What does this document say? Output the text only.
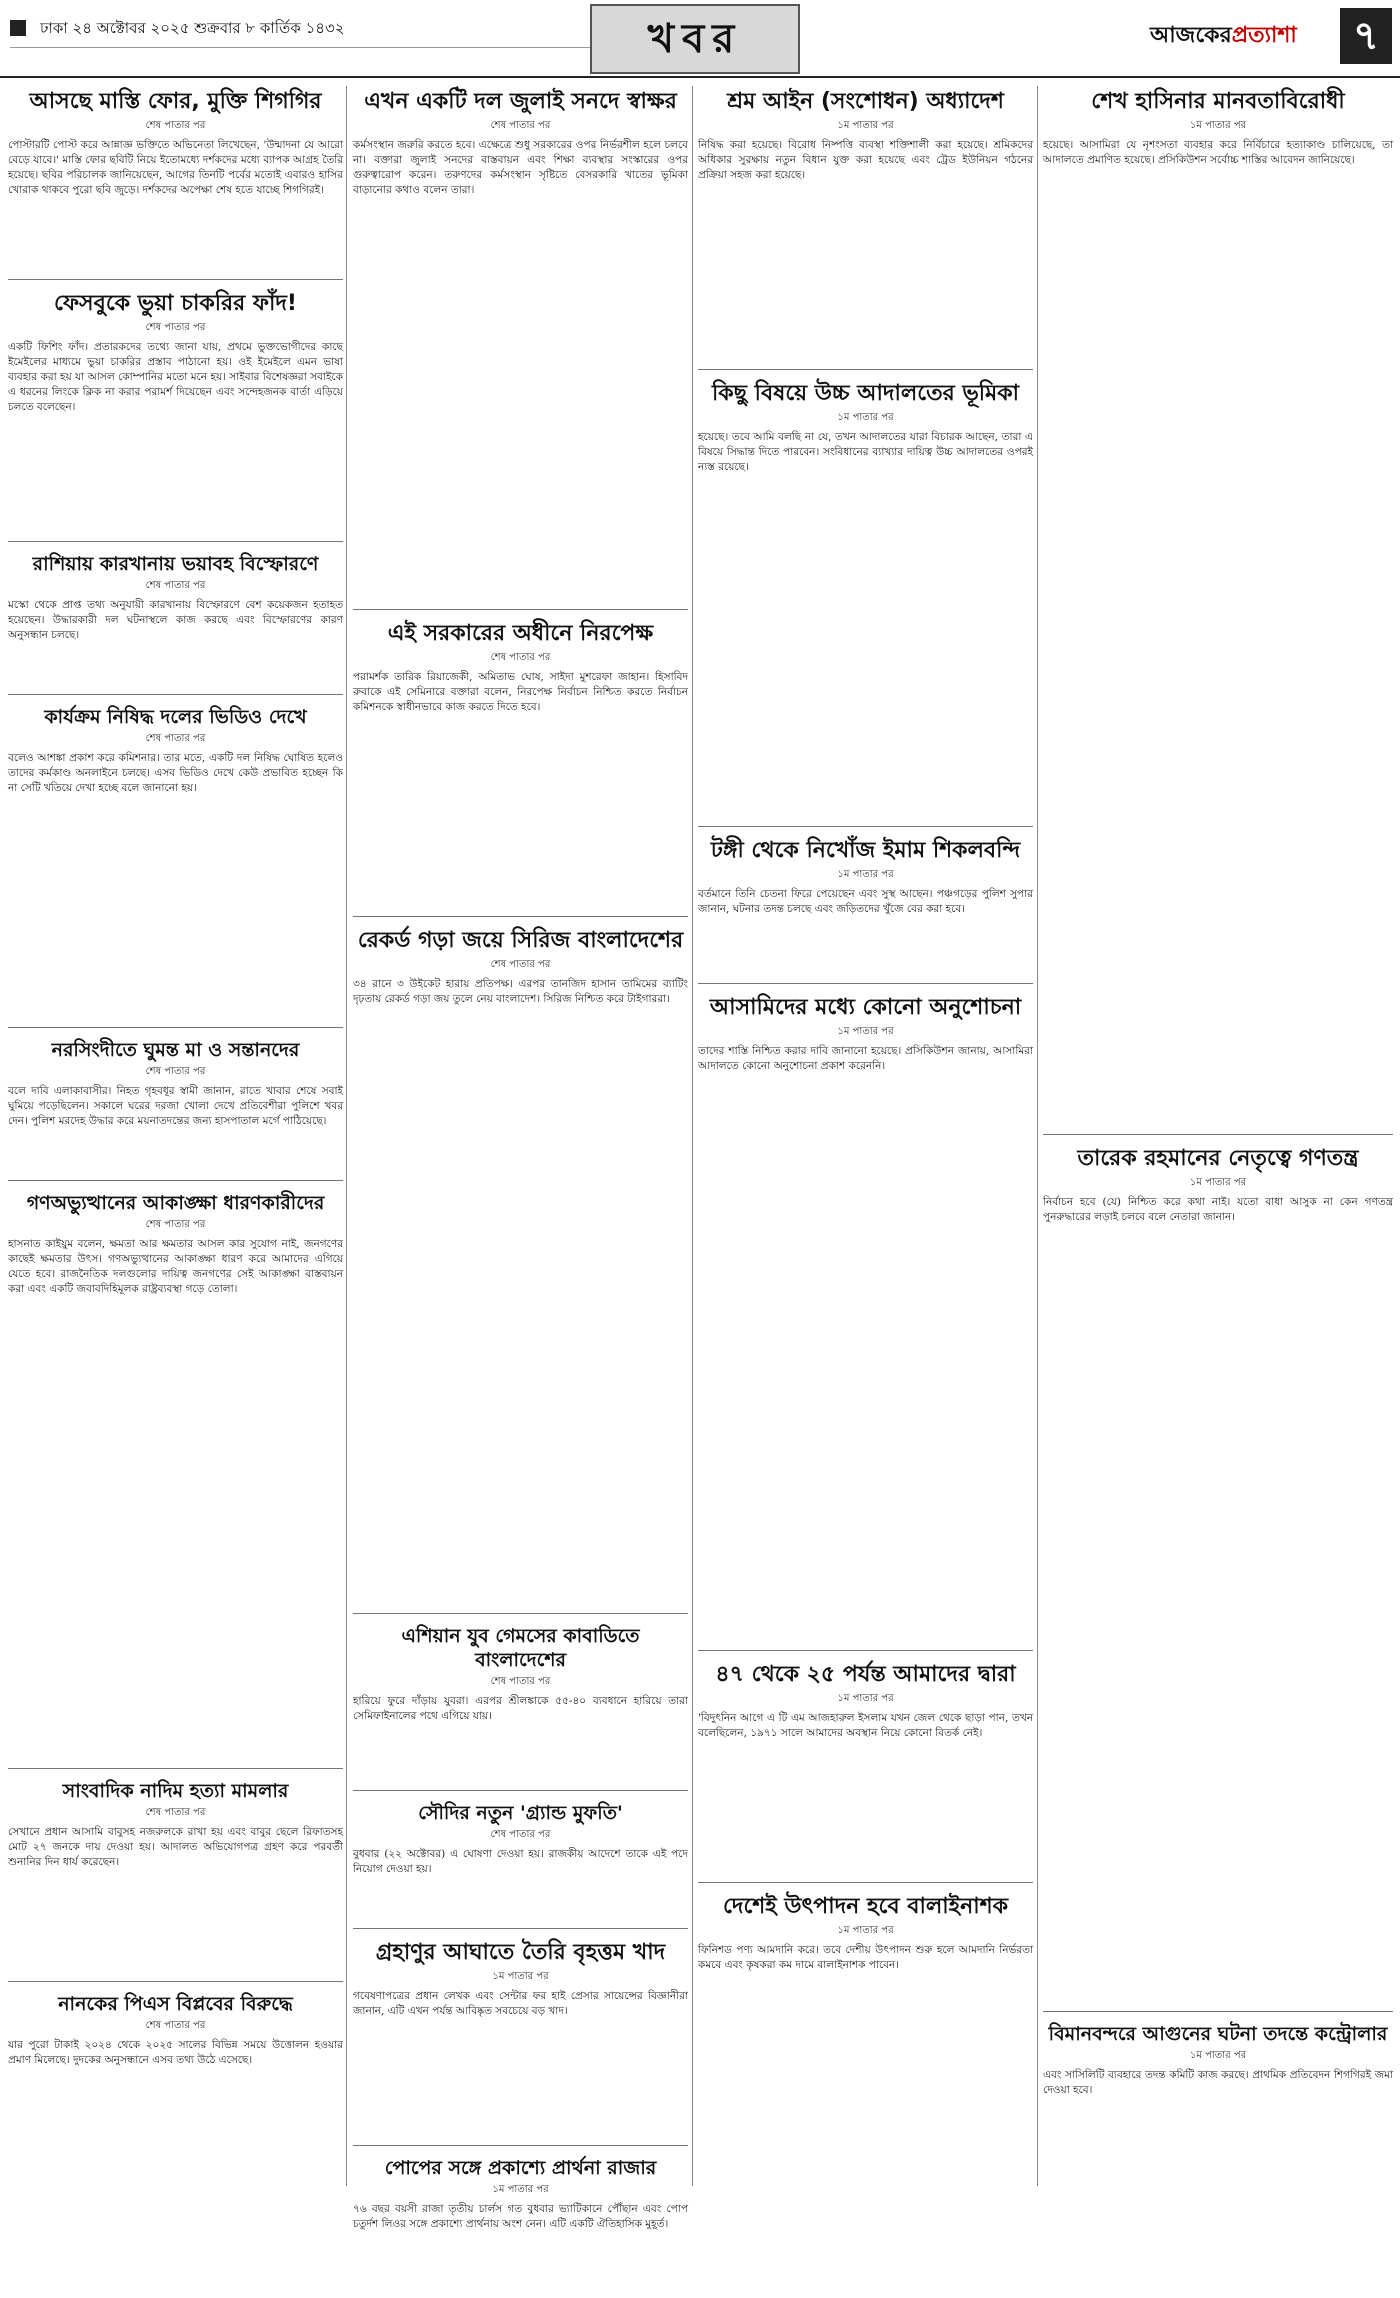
ঢাকা ২৪ অক্টোবর ২০২৫ শুক্রবার ৮ কার্তিক ১৪৩২	খবর	আজকেরপ্রত্যাশা	৭
আসছে মাস্তি ফোর, মুক্তি শিগগির
শেষ পাতার পর
পোস্টারটি পোস্ট করে আন্নাজ্ঞ ভক্তিতে অভিনেতা লিখেছেন, 'উন্মাদনা যে আরো বেড়ে যাবে।' মাস্তি ফোর ছবিটি নিয়ে ইতোমধ্যে দর্শকদের মধ্যে ব্যাপক আগ্রহ তৈরি হয়েছে। ছবির পরিচালক জানিয়েছেন, আগের তিনটি পর্বের মতোই এবারও হাসির খোরাক থাকবে পুরো ছবি জুড়ে। দর্শকদের অপেক্ষা শেষ হতে যাচ্ছে শিগগিরই।
ফেসবুকে ভুয়া চাকরির ফাঁদ!
শেষ পাতার পর
একটি ফিশিং ফাঁদ। প্রতারকদের তথ্যে জানা যায়, প্রথমে ভুক্তভোগীদের কাছে ইমেইলের মাধ্যমে ভুয়া চাকরির প্রস্তাব পাঠানো হয়। ওই ইমেইলে এমন ভাষা ব্যবহার করা হয় যা আসল কোম্পানির মতো মনে হয়। সাইবার বিশেষজ্ঞরা সবাইকে এ ধরনের লিংকে ক্লিক না করার পরামর্শ দিয়েছেন এবং সন্দেহজনক বার্তা এড়িয়ে চলতে বলেছেন।
রাশিয়ায় কারখানায় ভয়াবহ বিস্ফোরণে
শেষ পাতার পর
মস্কো থেকে প্রাপ্ত তথ্য অনুযায়ী কারখানায় বিস্ফোরণে বেশ কয়েকজন হতাহত হয়েছেন। উদ্ধারকারী দল ঘটনাস্থলে কাজ করছে এবং বিস্ফোরণের কারণ অনুসন্ধান চলছে।
কার্যক্রম নিষিদ্ধ দলের ভিডিও দেখে
শেষ পাতার পর
বলেও আশঙ্কা প্রকাশ করে কমিশনার। তার মতে, একটি দল নিষিদ্ধ ঘোষিত হলেও তাদের কর্মকাণ্ড অনলাইনে চলছে। এসব ভিডিও দেখে কেউ প্রভাবিত হচ্ছেন কি না সেটি খতিয়ে দেখা হচ্ছে বলে জানানো হয়।
নরসিংদীতে ঘুমন্ত মা ও সন্তানদের
শেষ পাতার পর
বলে দাবি এলাকাবাসীর। নিহত গৃহবধূর স্বামী জানান, রাতে খাবার শেষে সবাই ঘুমিয়ে পড়েছিলেন। সকালে ঘরের দরজা খোলা দেখে প্রতিবেশীরা পুলিশে খবর দেন। পুলিশ মরদেহ উদ্ধার করে ময়নাতদন্তের জন্য হাসপাতাল মর্গে পাঠিয়েছে।
গণঅভ্যুত্থানের আকাঙ্ক্ষা ধারণকারীদের
শেষ পাতার পর
হাসনাত কাইয়ুম বলেন, ক্ষমতা আর ক্ষমতার আসল কার সুযোগ নাই, জনগণের কাছেই ক্ষমতার উৎস। গণঅভ্যুত্থানের আকাঙ্ক্ষা ধারণ করে আমাদের এগিয়ে যেতে হবে। রাজনৈতিক দলগুলোর দায়িত্ব জনগণের সেই আকাঙ্ক্ষা বাস্তবায়ন করা এবং একটি জবাবদিহিমূলক রাষ্ট্রব্যবস্থা গড়ে তোলা।
সাংবাদিক নাদিম হত্যা মামলার
শেষ পাতার পর
সেখানে প্রধান আসামি বাবুসহ নজরুলকে রাখা হয় এবং বাবুর ছেলে রিফাতসহ মোট ২৭ জনকে দায় দেওয়া হয়। আদালত অভিযোগপত্র গ্রহণ করে পরবর্তী শুনানির দিন ধার্য করেছেন।
নানকের পিএস বিপ্লবের বিরুদ্ধে
শেষ পাতার পর
যার পুরো টাকাই ২০২৪ থেকে ২০২৫ সালের বিভিন্ন সময়ে উত্তোলন হওয়ার প্রমাণ মিলেছে। দুদকের অনুসন্ধানে এসব তথ্য উঠে এসেছে।
এখন একটি দল জুলাই সনদে স্বাক্ষর
শেষ পাতার পর
কর্মসংস্থান জরুরি করতে হবে। এক্ষেত্রে শুধু সরকারের ওপর নির্ভরশীল হলে চলবে না। বক্তারা জুলাই সনদের বাস্তবায়ন এবং শিক্ষা ব্যবস্থার সংস্কারের ওপর গুরুত্বারোপ করেন। তরুণদের কর্মসংস্থান সৃষ্টিতে বেসরকারি খাতের ভূমিকা বাড়ানোর কথাও বলেন তারা।
এই সরকারের অধীনে নিরপেক্ষ
শেষ পাতার পর
পরামর্শক তারিক রিয়াজেকী, অমিতাভ ঘোষ, সাইদা মুশরেফা জাহান। হিসাবিদ রুবাকে এই সেমিনারে বক্তারা বলেন, নিরপেক্ষ নির্বাচন নিশ্চিত করতে নির্বাচন কমিশনকে স্বাধীনভাবে কাজ করতে দিতে হবে।
রেকর্ড গড়া জয়ে সিরিজ বাংলাদেশের
শেষ পাতার পর
৩৪ রানে ৩ উইকেট হারায় প্রতিপক্ষ। এরপর তানজিদ হাসান তামিমের ব্যাটিং দৃঢ়তায় রেকর্ড গড়া জয় তুলে নেয় বাংলাদেশ। সিরিজ নিশ্চিত করে টাইগাররা।
এশিয়ান যুব গেমসের কাবাডিতে বাংলাদেশের
শেষ পাতার পর
হারিয়ে ফুরে দাঁড়ায় যুবরা। এরপর শ্রীলঙ্কাকে ৫৫-৪০ ব্যবধানে হারিয়ে তারা সেমিফাইনালের পথে এগিয়ে যায়।
সৌদির নতুন 'গ্র্যান্ড মুফতি'
শেষ পাতার পর
বুধবার (২২ অক্টোবর) এ ঘোষণা দেওয়া হয়। রাজকীয় আদেশে তাকে এই পদে নিয়োগ দেওয়া হয়।
গ্রহাণুর আঘাতে তৈরি বৃহত্তম খাদ
১ম পাতার পর
গবেষণাপত্রের প্রধান লেখক এবং সেন্টার ফর হাই প্রেসার সায়েন্সের বিজ্ঞানীরা জানান, এটি এখন পর্যন্ত আবিষ্কৃত সবচেয়ে বড় খাদ।
পোপের সঙ্গে প্রকাশ্যে প্রার্থনা রাজার
১ম পাতার পর
৭৬ বছর বয়সী রাজা তৃতীয় চার্লস গত বুধবার ভ্যাটিকানে পৌঁছান এবং পোপ চতুর্দশ লিওর সঙ্গে প্রকাশ্যে প্রার্থনায় অংশ নেন। এটি একটি ঐতিহাসিক মুহূর্ত।
শ্রম আইন (সংশোধন) অধ্যাদেশ
১ম পাতার পর
নিষিদ্ধ করা হয়েছে। বিরোধ নিষ্পত্তি ব্যবস্থা শক্তিশালী করা হয়েছে। শ্রমিকদের অধিকার সুরক্ষায় নতুন বিধান যুক্ত করা হয়েছে এবং ট্রেড ইউনিয়ন গঠনের প্রক্রিয়া সহজ করা হয়েছে।
কিছু বিষয়ে উচ্চ আদালতের ভূমিকা
১ম পাতার পর
হয়েছে। তবে আমি বলছি না যে, তখন আদালতের যারা বিচারক আছেন, তারা এ বিষয়ে সিদ্ধান্ত দিতে পারবেন। সংবিধানের ব্যাখ্যার দায়িত্ব উচ্চ আদালতের ওপরই ন্যস্ত রয়েছে।
টঙ্গী থেকে নিখোঁজ ইমাম শিকলবন্দি
১ম পাতার পর
বর্তমানে তিনি চেতনা ফিরে পেয়েছেন এবং সুস্থ আছেন। পঞ্চগড়ের পুলিশ সুপার জানান, ঘটনার তদন্ত চলছে এবং জড়িতদের খুঁজে বের করা হবে।
আসামিদের মধ্যে কোনো অনুশোচনা
১ম পাতার পর
তাদের শাস্তি নিশ্চিত করার দাবি জানানো হয়েছে। প্রসিকিউশন জানায়, আসামিরা আদালতে কোনো অনুশোচনা প্রকাশ করেননি।
৪৭ থেকে ২৫ পর্যন্ত আমাদের দ্বারা
১ম পাতার পর
'বিদুৎনিন আগে এ টি এম আজহারুল ইসলাম যখন জেল থেকে ছাড়া পান, তখন বলেছিলেন, ১৯৭১ সালে আমাদের অবস্থান নিয়ে কোনো বিতর্ক নেই।
দেশেই উৎপাদন হবে বালাইনাশক
১ম পাতার পর
ফিনিশড পণ্য আমদানি করে। তবে দেশীয় উৎপাদন শুরু হলে আমদানি নির্ভরতা কমবে এবং কৃষকরা কম দামে বালাইনাশক পাবেন।
শেখ হাসিনার মানবতাবিরোধী
১ম পাতার পর
হয়েছে। আসামিরা যে নৃশংসতা ব্যবহার করে নির্বিচারে হত্যাকাণ্ড চালিয়েছে, তা আদালতে প্রমাণিত হয়েছে। প্রসিকিউশন সর্বোচ্চ শাস্তির আবেদন জানিয়েছে।
তারেক রহমানের নেতৃত্বে গণতন্ত্র
১ম পাতার পর
নির্বাচন হবে (যে) নিশ্চিত করে কথা নাই। যতো বাধা আসুক না কেন গণতন্ত্র পুনরুদ্ধারের লড়াই চলবে বলে নেতারা জানান।
বিমানবন্দরে আগুনের ঘটনা তদন্তে কন্ট্রোলার
১ম পাতার পর
এবং সাসিলিটি ব্যবহারে তদন্ত কমিটি কাজ করছে। প্রাথমিক প্রতিবেদন শিগগিরই জমা দেওয়া হবে।
